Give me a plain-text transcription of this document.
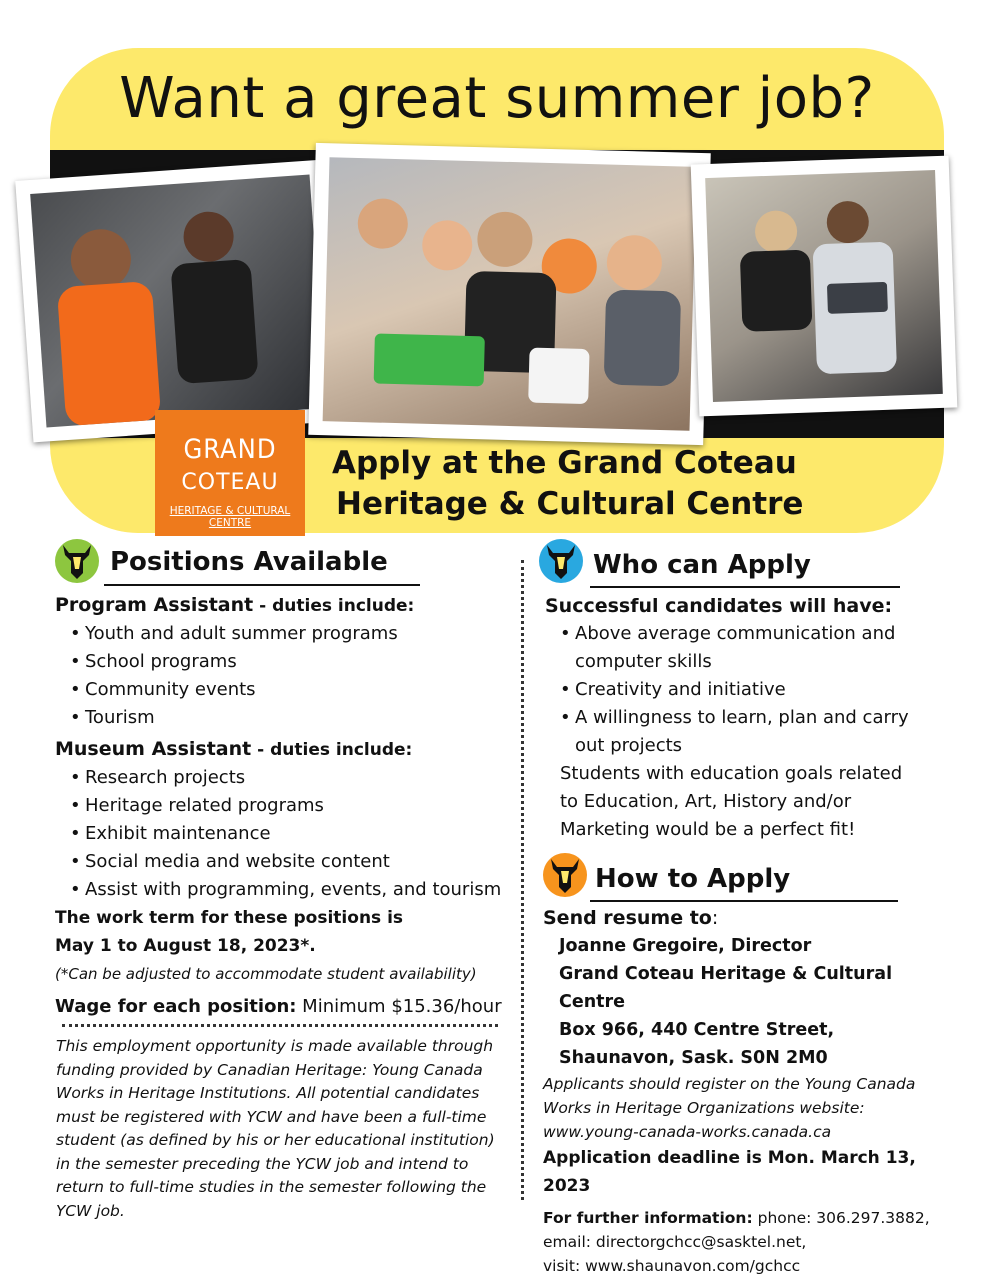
Want a great summer job?
GRAND
COTEAU
HERITAGE & CULTURAL CENTRE
Apply at the Grand Coteau
Heritage & Cultural Centre
Positions Available
Program Assistant - duties include:
• Youth and adult summer programs
• School programs
• Community events
• Tourism
Museum Assistant - duties include:
• Research projects
• Heritage related programs
• Exhibit maintenance
• Social media and website content
• Assist with programming, events, and tourism
The work term for these positions is
May 1 to August 18, 2023*.
(*Can be adjusted to accommodate student availability)
Wage for each position: Minimum $15.36/hour
This employment opportunity is made available through funding provided by Canadian Heritage: Young Canada Works in Heritage Institutions. All potential candidates must be registered with YCW and have been a full-time student (as defined by his or her educational institution) in the semester preceding the YCW job and intend to return to full-time studies in the semester following the YCW job.
Who can Apply
Successful candidates will have:
• Above average communication and computer skills
• Creativity and initiative
• A willingness to learn, plan and carry out projects
Students with education goals related to Education, Art, History and/or Marketing would be a perfect fit!
How to Apply
Send resume to:
Joanne Gregoire, Director
Grand Coteau Heritage & Cultural Centre
Box 966, 440 Centre Street,
Shaunavon, Sask. S0N 2M0
Applicants should register on the Young Canada Works in Heritage Organizations website: www.young-canada-works.canada.ca
Application deadline is Mon. March 13, 2023
For further information: phone: 306.297.3882,
email: directorgchcc@sasktel.net,
visit: www.shaunavon.com/gchcc
